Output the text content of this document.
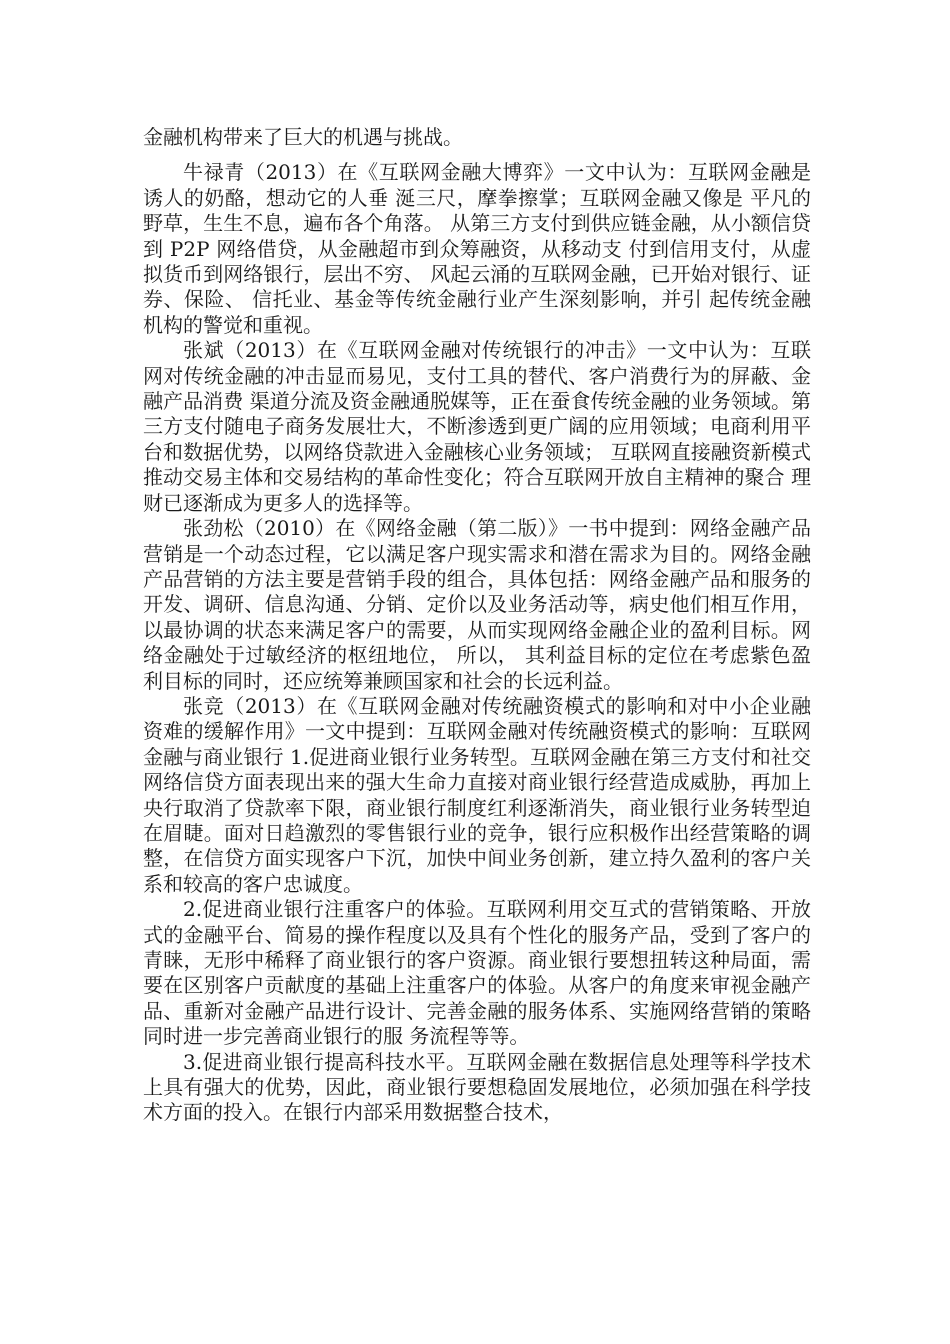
金融机构带来了巨大的机遇与挑战。

牛禄青（2013）在《互联网金融大博弈》一文中认为：互联网金融是诱人的奶酪，想动它的人垂 涎三尺，摩拳擦掌；互联网金融又像是 平凡的野草，生生不息，遍布各个角落。 从第三方支付到供应链金融，从小额信贷到 P2P 网络借贷，从金融超市到众筹融资，从移动支 付到信用支付，从虚拟货币到网络银行，层出不穷、 风起云涌的互联网金融，已开始对银行、证券、保险、 信托业、基金等传统金融行业产生深刻影响，并引 起传统金融机构的警觉和重视。

张斌（2013）在《互联网金融对传统银行的冲击》一文中认为：互联网对传统金融的冲击显而易见，支付工具的替代、客户消费行为的屏蔽、金融产品消费 渠道分流及资金融通脱媒等，正在蚕食传统金融的业务领域。第三方支付随电子商务发展壮大，不断渗透到更广阔的应用领域；电商利用平台和数据优势，以网络贷款进入金融核心业务领域； 互联网直接融资新模式推动交易主体和交易结构的革命性变化；符合互联网开放自主精神的聚合 理财已逐渐成为更多人的选择等。

张劲松（2010）在《网络金融（第二版）》一书中提到：网络金融产品营销是一个动态过程，它以满足客户现实需求和潜在需求为目的。网络金融产品营销的方法主要是营销手段的组合，具体包括：网络金融产品和服务的开发、调研、信息沟通、分销、定价以及业务活动等，病史他们相互作用，以最协调的状态来满足客户的需要，从而实现网络金融企业的盈利目标。网络金融处于过敏经济的枢纽地位， 所以， 其利益目标的定位在考虑紫色盈利目标的同时，还应统筹兼顾国家和社会的长远利益。

张竞（2013）在《互联网金融对传统融资模式的影响和对中小企业融资难的缓解作用》一文中提到：互联网金融对传统融资模式的影响：互联网金融与商业银行 1.促进商业银行业务转型。互联网金融在第三方支付和社交网络信贷方面表现出来的强大生命力直接对商业银行经营造成威胁，再加上央行取消了贷款率下限，商业银行制度红利逐渐消失，商业银行业务转型迫在眉睫。面对日趋激烈的零售银行业的竞争，银行应积极作出经营策略的调整，在信贷方面实现客户下沉，加快中间业务创新，建立持久盈利的客户关系和较高的客户忠诚度。

2.促进商业银行注重客户的体验。互联网利用交互式的营销策略、开放式的金融平台、简易的操作程度以及具有个性化的服务产品，受到了客户的青睐，无形中稀释了商业银行的客户资源。商业银行要想扭转这种局面，需要在区别客户贡献度的基础上注重客户的体验。从客户的角度来审视金融产品、重新对金融产品进行设计、完善金融的服务体系、实施网络营销的策略同时进一步完善商业银行的服 务流程等等。

3.促进商业银行提高科技水平。互联网金融在数据信息处理等科学技术上具有强大的优势，因此，商业银行要想稳固发展地位，必须加强在科学技术方面的投入。在银行内部采用数据整合技术，
